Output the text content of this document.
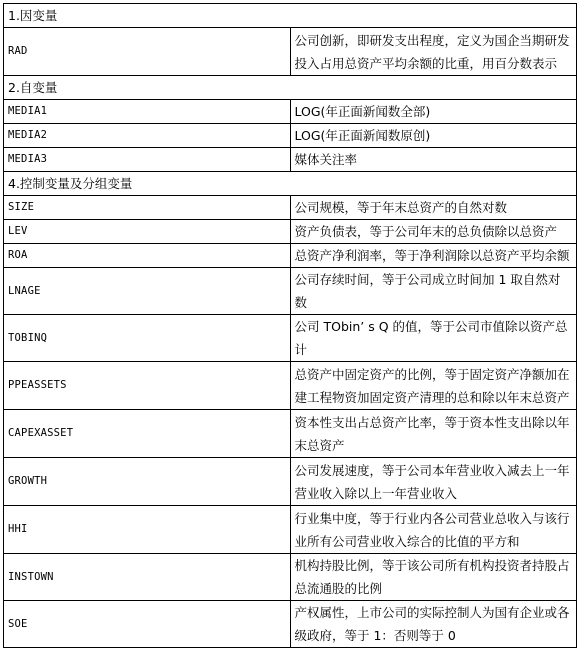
1.因变量	
RAD	公司创新，即研发支出程度，定义为国企当期研发投入占用总资产平均余额的比重，用百分数表示
2.自变量	
MEDIA1	LOG(年正面新闻数全部)
MEDIA2	LOG(年正面新闻数原创)
MEDIA3	媒体关注率
4.控制变量及分组变量	
SIZE	公司规模，等于年末总资产的自然对数
LEV	资产负债表，等于公司年末的总负债除以总资产
ROA	总资产净利润率，等于净利润除以总资产平均余额
LNAGE	公司存续时间，等于公司成立时间加 1 取自然对数
TOBINQ	公司 TObin’ s Q 的值，等于公司市值除以资产总计
PPEASSETS	总资产中固定资产的比例，等于固定资产净额加在建工程物资加固定资产清理的总和除以年末总资产
CAPEXASSET	资本性支出占总资产比率，等于资本性支出除以年末总资产
GROWTH	公司发展速度，等于公司本年营业收入减去上一年营业收入除以上一年营业收入
HHI	行业集中度，等于行业内各公司营业总收入与该行业所有公司营业收入综合的比值的平方和
INSTOWN	机构持股比例，等于该公司所有机构投资者持股占总流通股的比例
SOE	产权属性，上市公司的实际控制人为国有企业或各级政府，等于 1：否则等于 0
